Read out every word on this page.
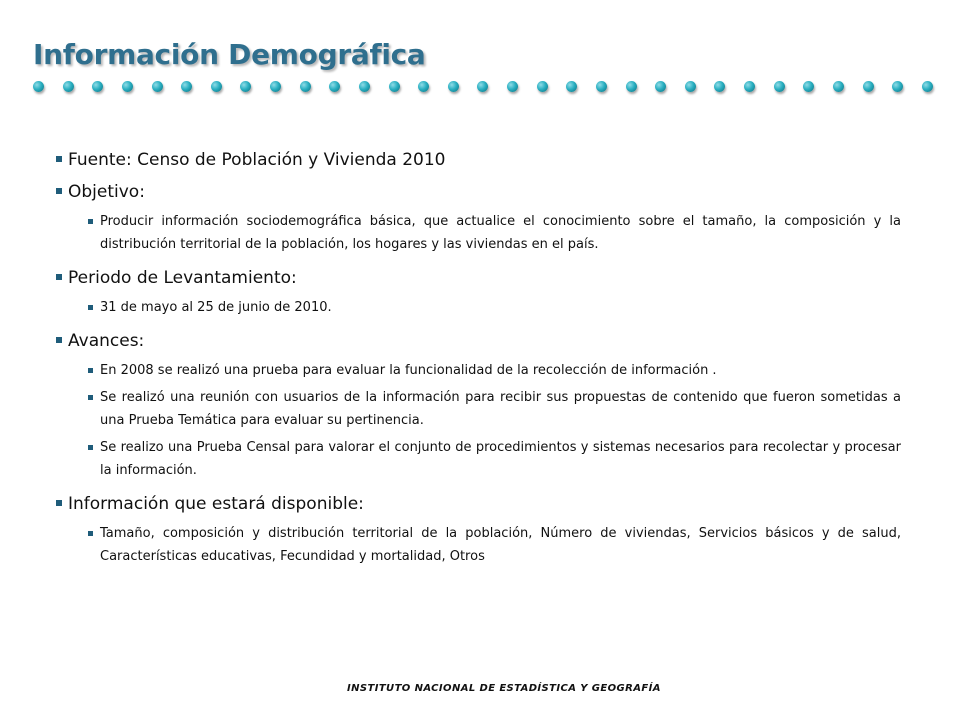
Información Demográfica
Fuente: Censo de Población y Vivienda 2010
Objetivo:
Producir información sociodemográfica básica, que actualice el conocimiento sobre el tamaño, la composición y la distribución territorial de la población, los hogares y las viviendas en el país.
Periodo de Levantamiento:
31 de mayo al 25 de junio de 2010.
Avances:
En 2008 se realizó una prueba para evaluar la funcionalidad de la recolección de información .
Se realizó una reunión con usuarios de la información para recibir sus propuestas de contenido que fueron sometidas a una Prueba Temática para evaluar su pertinencia.
Se realizo una Prueba Censal para valorar el conjunto de procedimientos y sistemas necesarios para recolectar y procesar la información.
Información que estará disponible:
Tamaño, composición y distribución territorial de la población, Número de viviendas, Servicios básicos y de salud, Características educativas, Fecundidad y mortalidad, Otros

INSTITUTO NACIONAL DE ESTADÍSTICA Y GEOGRAFÍA
